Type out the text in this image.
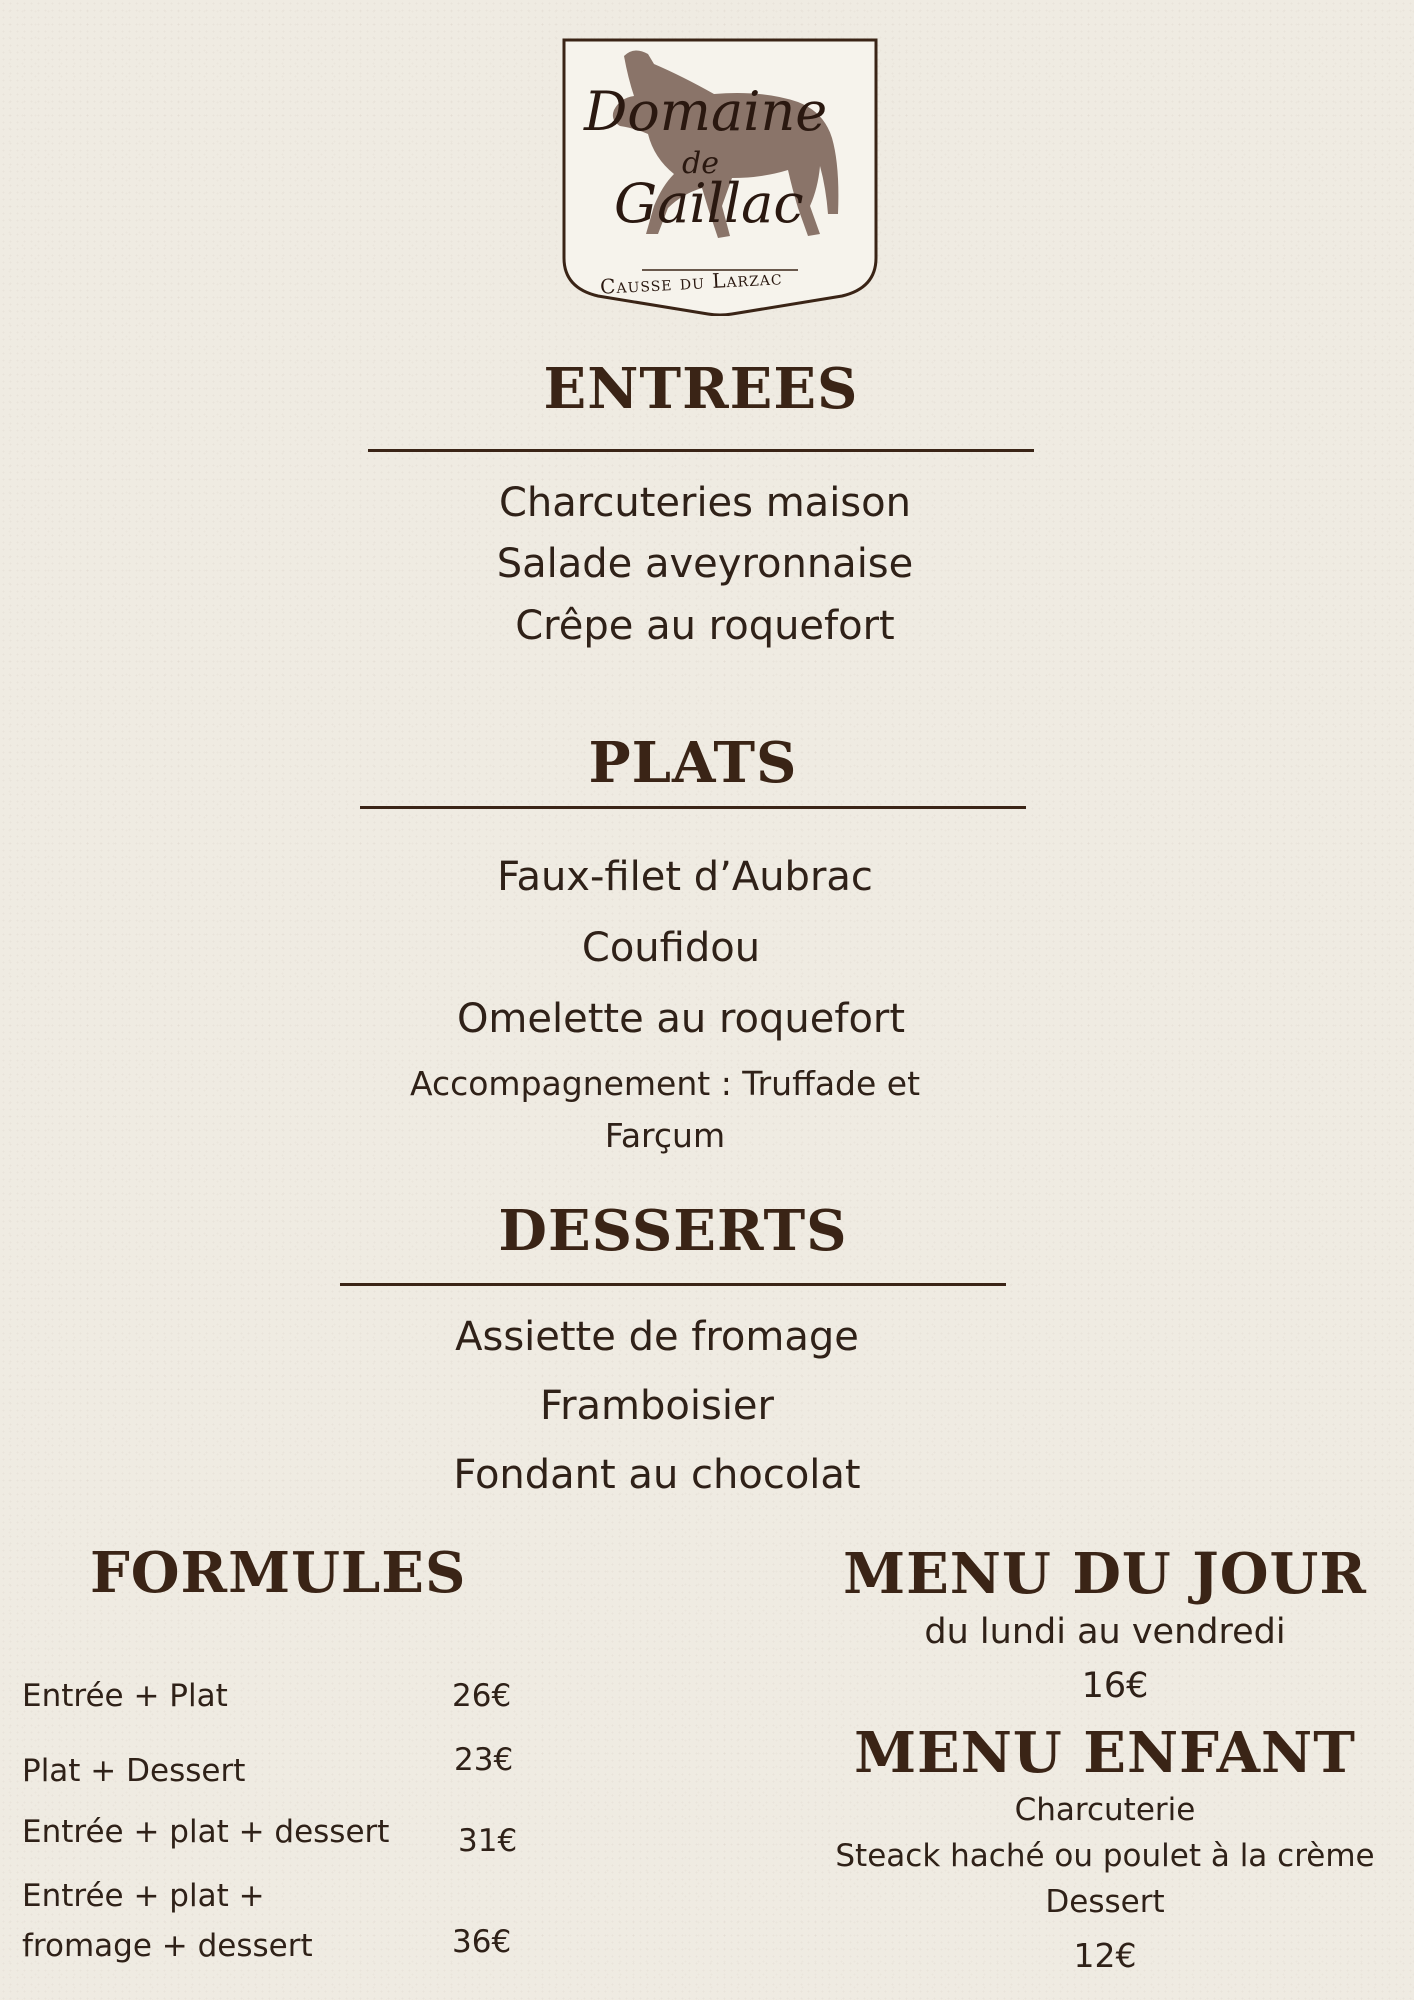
Domaine
de
Gaillac
Causse du Larzac
ENTREES
Charcuteries maison
Salade aveyronnaise
Crêpe au roquefort
PLATS
Faux-filet d’Aubrac
Coufidou
Omelette au roquefort
Accompagnement : Truffade et
Farçum
DESSERTS
Assiette de fromage
Framboisier
Fondant au chocolat
FORMULES
Entrée + Plat	26€
Plat + Dessert	23€
Entrée + plat + dessert 31€
Entrée + plat +
fromage + dessert	36€
MENU DU JOUR
du lundi au vendredi
16€
MENU ENFANT
Charcuterie
Steack haché ou poulet à la crème
Dessert
12€
